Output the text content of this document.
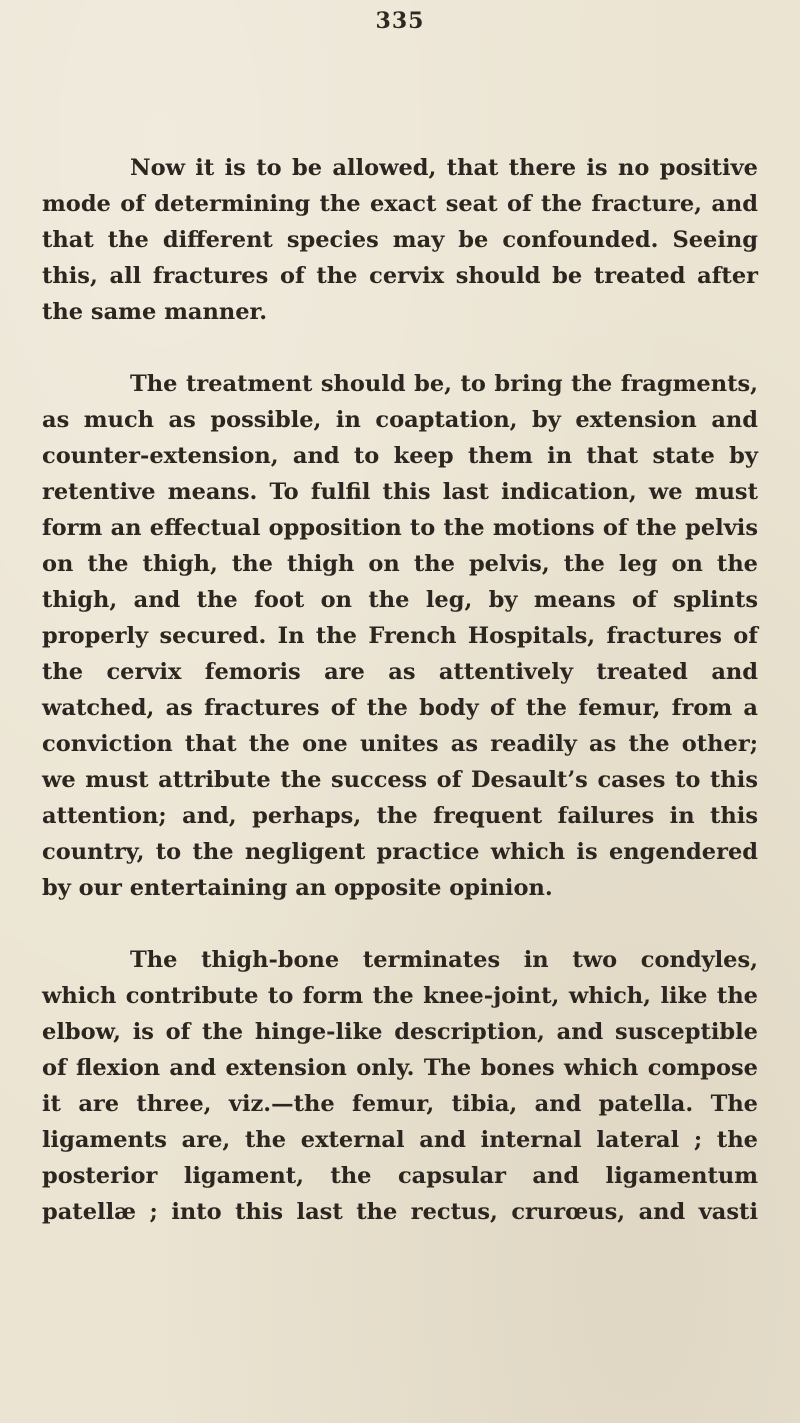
335

Now it is to be allowed, that there is no positive mode of determining the exact seat of the fracture, and that the different species may be confounded. Seeing this, all fractures of the cervix should be treated after the same manner.

The treatment should be, to bring the fragments, as much as possible, in coaptation, by extension and counter-extension, and to keep them in that state by retentive means. To fulfil this last indication, we must form an effectual opposition to the motions of the pelvis on the thigh, the thigh on the pelvis, the leg on the thigh, and the foot on the leg, by means of splints properly secured. In the French Hospitals, fractures of the cervix femoris are as attentively treated and watched, as fractures of the body of the femur, from a conviction that the one unites as readily as the other; we must attribute the success of Desault’s cases to this attention; and, perhaps, the frequent failures in this country, to the negligent practice which is engendered by our entertaining an opposite opinion.

The thigh-bone terminates in two condyles, which contribute to form the knee-joint, which, like the elbow, is of the hinge-like description, and susceptible of flexion and extension only. The bones which compose it are three, viz.—the femur, tibia, and patella. The ligaments are, the external and internal lateral ; the posterior ligament, the capsular and ligamentum patellæ ; into this last the rectus, crurœus, and vasti
